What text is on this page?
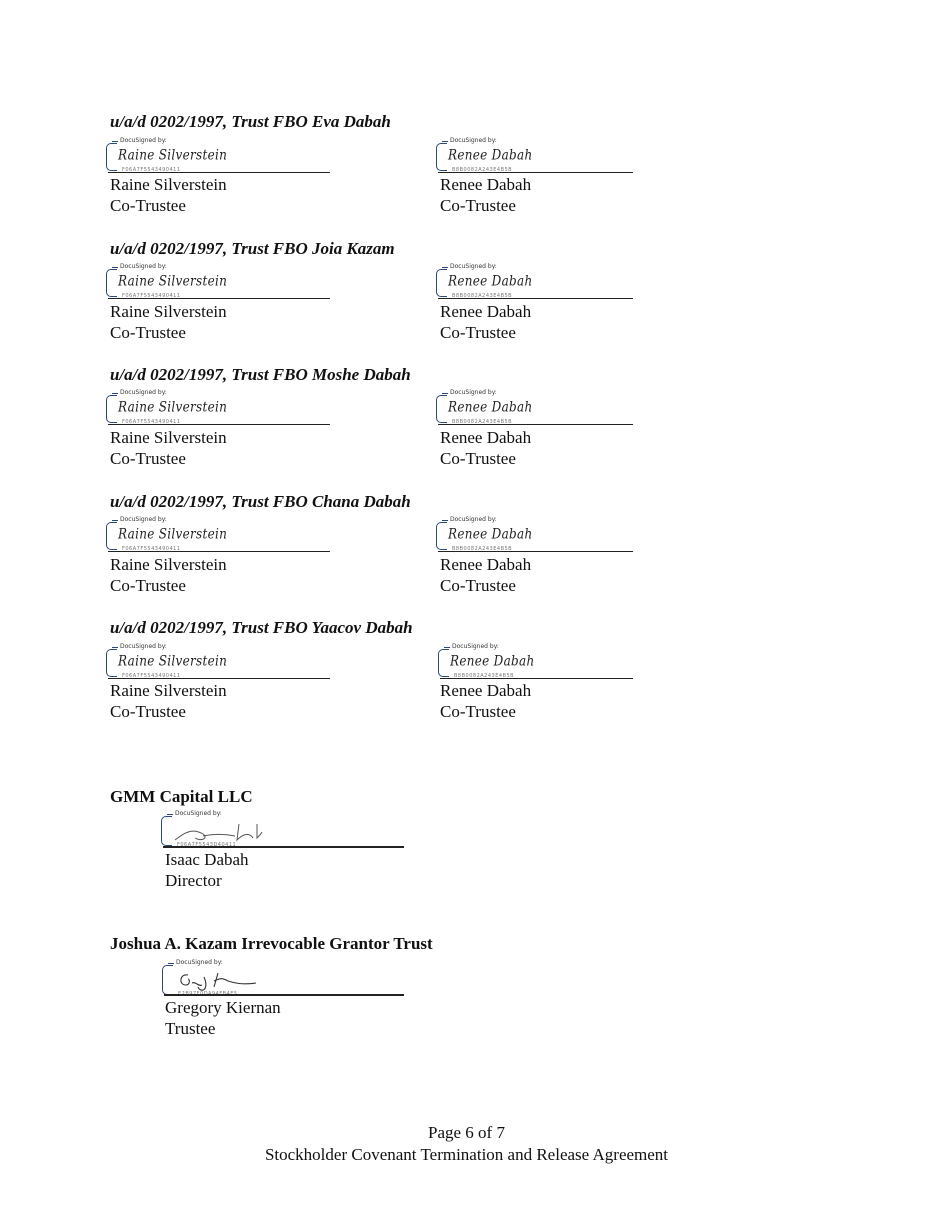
u/a/d 0202/1997, Trust FBO Eva Dabah
DocuSigned by:
Raine Silverstein
F06A7F5543490411
Raine Silverstein
Co-Trustee
DocuSigned by:
Renee Dabah
B8B0082A243E4B5B
Renee Dabah
Co-Trustee
u/a/d 0202/1997, Trust FBO Joia Kazam
DocuSigned by:
Raine Silverstein
F06A7F5543490411
Raine Silverstein
Co-Trustee
DocuSigned by:
Renee Dabah
B8B0082A243E4B5B
Renee Dabah
Co-Trustee
u/a/d 0202/1997, Trust FBO Moshe Dabah
DocuSigned by:
Raine Silverstein
F06A7F5543490411
Raine Silverstein
Co-Trustee
DocuSigned by:
Renee Dabah
B8B0082A243E4B5B
Renee Dabah
Co-Trustee
u/a/d 0202/1997, Trust FBO Chana Dabah
DocuSigned by:
Raine Silverstein
F06A7F5543490411
Raine Silverstein
Co-Trustee
DocuSigned by:
Renee Dabah
B8B0082A243E4B5B
Renee Dabah
Co-Trustee
u/a/d 0202/1997, Trust FBO Yaacov Dabah
DocuSigned by:
Raine Silverstein
F06A7F5543490411
Raine Silverstein
Co-Trustee
DocuSigned by:
Renee Dabah
B8B0082A243E4B5B
Renee Dabah
Co-Trustee
GMM Capital LLC
DocuSigned by:
F06A7F5543D40411
Isaac Dabah
Director
Joshua A. Kazam Irrevocable Grantor Trust
DocuSigned by:
E2B97F0DA94FB4E5
Gregory Kiernan
Trustee
Page 6 of 7
Stockholder Covenant Termination and Release Agreement
